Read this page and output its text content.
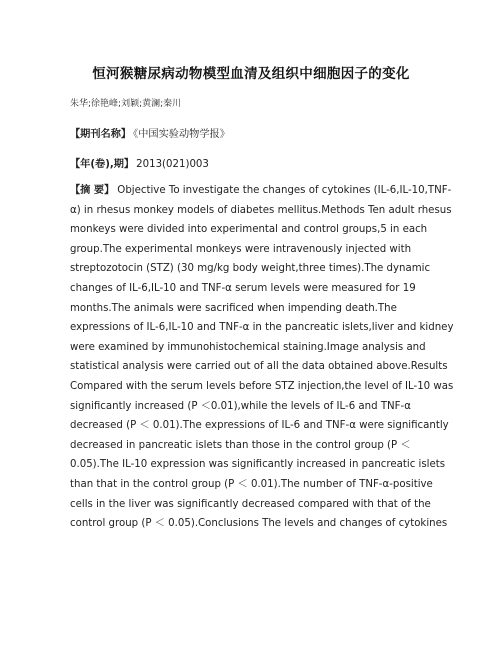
恒河猴糖尿病动物模型血清及组织中细胞因子的变化
朱华;徐艳峰;刘颖;黄澜;秦川
【期刊名称】 《中国实验动物学报》
【年(卷),期】 2013(021)003
【摘 要】 Objective To investigate the changes of cytokines (IL-6,IL-10,TNF-
α) in rhesus monkey models of diabetes mellitus.Methods Ten adult rhesus
monkeys were divided into experimental and control groups,5 in each
group.The experimental monkeys were intravenously injected with
streptozotocin (STZ) (30 mg/kg body weight,three times).The dynamic
changes of IL-6,IL-10 and TNF-α serum levels were measured for 19
months.The animals were sacrificed when impending death.The
expressions of IL-6,IL-10 and TNF-α in the pancreatic islets,liver and kidney
were examined by immunohistochemical staining.Image analysis and
statistical analysis were carried out of all the data obtained above.Results
Compared with the serum levels before STZ injection,the level of IL-10 was
significantly increased (P ＜0.01),while the levels of IL-6 and TNF-α
decreased (P ＜ 0.01).The expressions of IL-6 and TNF-α were significantly
decreased in pancreatic islets than those in the control group (P ＜
0.05).The IL-10 expression was significantly increased in pancreatic islets
than that in the control group (P ＜ 0.01).The number of TNF-α-positive
cells in the liver was significantly decreased compared with that of the
control group (P ＜ 0.05).Conclusions The levels and changes of cytokines
